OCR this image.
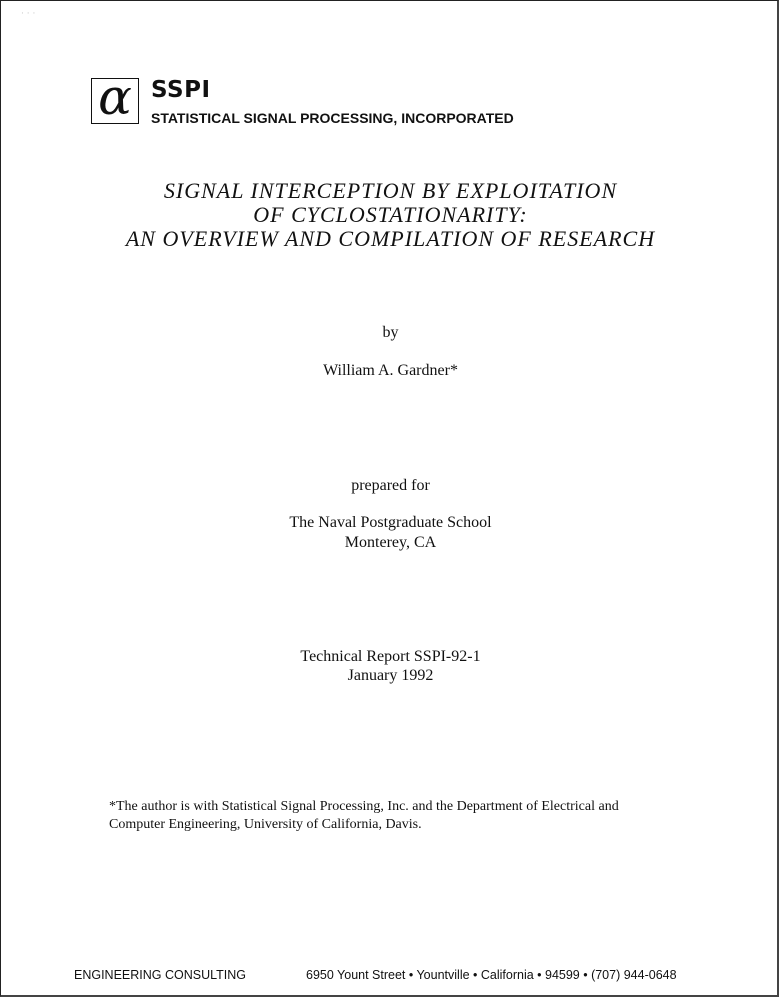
· · ·
α SSPI
STATISTICAL SIGNAL PROCESSING, INCORPORATED
SIGNAL INTERCEPTION BY EXPLOITATION
OF CYCLOSTATIONARITY:
AN OVERVIEW AND COMPILATION OF RESEARCH
by
William A. Gardner*
prepared for
The Naval Postgraduate School
Monterey, CA
Technical Report SSPI-92-1
January 1992
*The author is with Statistical Signal Processing, Inc. and the Department of Electrical and
Computer Engineering, University of California, Davis.
ENGINEERING CONSULTING	6950 Yount Street • Yountville • California • 94599 • (707) 944-0648
